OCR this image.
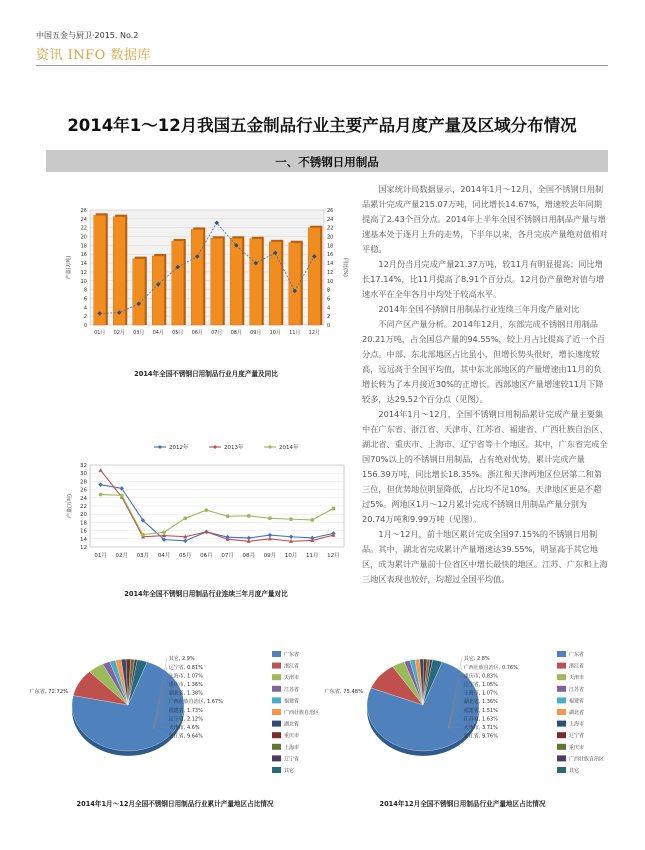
中国五金与厨卫·2015. No.2
资讯 INFO 数据库
2014年1～12月我国五金制品行业主要产品月度产量及区域分布情况
一、不锈钢日用制品

国家统计局数据显示，2014年1月～12月，全国不锈钢日用制品累计完成产量215.07万吨，同比增长14.67%，增速较去年同期提高了2.43个百分点。2014年上半年全国不锈钢日用制品产量与增速基本处于逐月上升的走势，下半年以来，各月完成产量绝对值相对平稳。

12月份当月完成产量21.37万吨，较11月有明显提高；同比增长17.14%，比11月提高了8.91个百分点。12月份产量绝对值与增速水平在全年各月中均处于较高水平。

2014年全国不锈钢日用制品行业连续三年月度产量对比

不同产区产量分析。2014年12月，东部完成不锈钢日用制品20.21万吨，占全国总产量的94.55%，较上月占比提高了近一个百分点。中部、东北部地区占比虽小，但增长势头很好，增长速度较高，远远高于全国平均值，其中东北部地区的产量增速由11月的负增长转为了本月接近30%的正增长。西部地区产量增速较11月下降较多，达29.52个百分点（见图）。

2014年1月～12月，全国不锈钢日用制品累计完成产量主要集中在广东省、浙江省、天津市、江苏省、福建省、广西壮族自治区、湖北省、重庆市、上海市、辽宁省等十个地区。其中，广东省完成全国70%以上的不锈钢日用制品，占有绝对优势，累计完成产量156.39万吨，同比增长18.35%。浙江和天津两地区位居第二和第三位，但优势地位明显降低，占比均不足10%。天津地区更是不超过5%。两地区1月～12月累计完成不锈钢日用制品产量分别为20.74万吨和9.99万吨（见图）。

1月～12月，前十地区累计完成全国97.15%的不锈钢日用制品。其中，湖北省完成累计产量增速达39.55%，明显高于其它地区，成为累计产量前十位省区中增长最快的地区。江苏、广东和上海三地区表现也较好，均超过全国平均值。

0
2
4
6
8
10
12
14
16
18
20
22
24
26
0
2
4
6
8
10
12
14
16
18
20
22
24
26
产量(万吨)	同比(%)
01月 02月 03月 04月 05月 06月 07月 08月 09月 10月 11月 12月
2014年全国不锈钢日用制品行业月度产量及同比
12
14
16
18
20
22
24
26
28
30
32
产量(万吨)
01月 02月 03月 04月 05月 06月 07月 08月 09月 10月 11月 12月
2012年	2013年	2014年
2014年全国不锈钢日用制品行业连续三年月度产量对比
广东省, 72.72%
其它, 2.9%
辽宁省, 0.81%
上海市, 1.07%
重庆市, 1.36%
湖北省, 1.38%
广西壮族自治区, 1.67%
福建省, 1.73%
辽宁省, 2.12%
天津市, 4.6%
浙江省, 9.64%
广东省
浙江省
天津市
江苏省
福建省
广西壮族自治区
湖北省
重庆市
上海市
辽宁省
其它
2014年1月～12月全国不锈钢日用制品行业累计产量地区占比情况
广东省, 75.48%
其它, 2.8%
广西壮族自治区, 0.76%
重庆市, 0.83%
辽宁省, 1.05%
上海市, 1.07%
湖北省, 1.36%
福建省, 1.51%
江苏省, 1.63%
天津市, 3.71%
浙江省, 9.76%
广东省
浙江省
天津市
江苏省
福建省
湖北省
上海市
辽宁省
重庆市
广西壮族自治区
其它
2014年12月全国不锈钢日用制品行业产量地区占比情况
